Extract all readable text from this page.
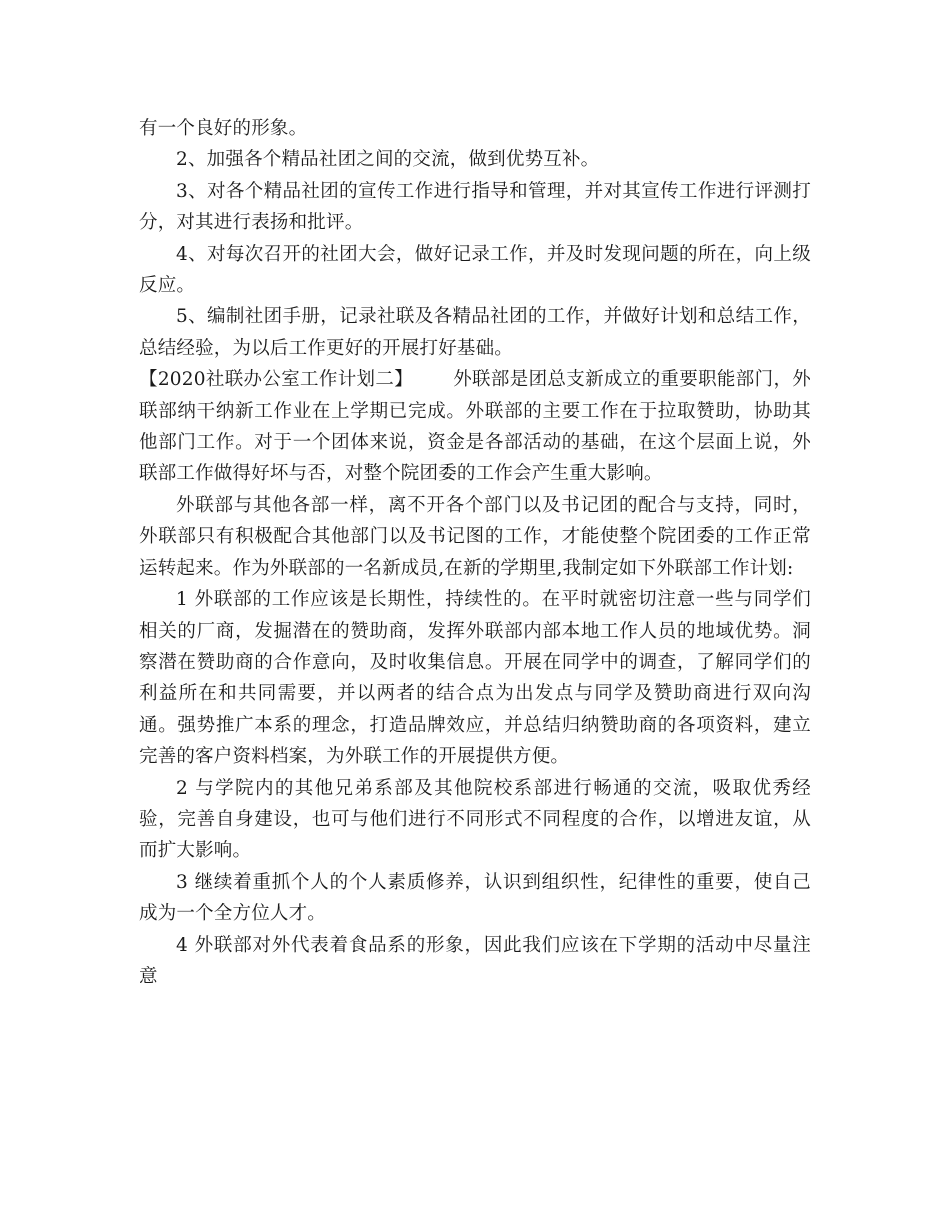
有一个良好的形象。

2、加强各个精品社团之间的交流，做到优势互补。

3、对各个精品社团的宣传工作进行指导和管理，并对其宣传工作进行评测打分，对其进行表扬和批评。

4、对每次召开的社团大会，做好记录工作，并及时发现问题的所在，向上级反应。

5、编制社团手册，记录社联及各精品社团的工作，并做好计划和总结工作，总结经验，为以后工作更好的开展打好基础。

【2020社联办公室工作计划二】 外联部是团总支新成立的重要职能部门，外联部纳干纳新工作业在上学期已完成。外联部的主要工作在于拉取赞助，协助其他部门工作。对于一个团体来说，资金是各部活动的基础，在这个层面上说，外联部工作做得好坏与否，对整个院团委的工作会产生重大影响。

外联部与其他各部一样，离不开各个部门以及书记团的配合与支持，同时，外联部只有积极配合其他部门以及书记图的工作，才能使整个院团委的工作正常运转起来。作为外联部的一名新成员,在新的学期里,我制定如下外联部工作计划:

1 外联部的工作应该是长期性，持续性的。在平时就密切注意一些与同学们相关的厂商，发掘潜在的赞助商，发挥外联部内部本地工作人员的地域优势。洞察潜在赞助商的合作意向，及时收集信息。开展在同学中的调查，了解同学们的利益所在和共同需要，并以两者的结合点为出发点与同学及赞助商进行双向沟通。强势推广本系的理念，打造品牌效应，并总结归纳赞助商的各项资料，建立完善的客户资料档案，为外联工作的开展提供方便。

2 与学院内的其他兄弟系部及其他院校系部进行畅通的交流，吸取优秀经验，完善自身建设，也可与他们进行不同形式不同程度的合作，以增进友谊，从而扩大影响。

3 继续着重抓个人的个人素质修养，认识到组织性，纪律性的重要，使自己成为一个全方位人才。

4 外联部对外代表着食品系的形象，因此我们应该在下学期的活动中尽量注意
